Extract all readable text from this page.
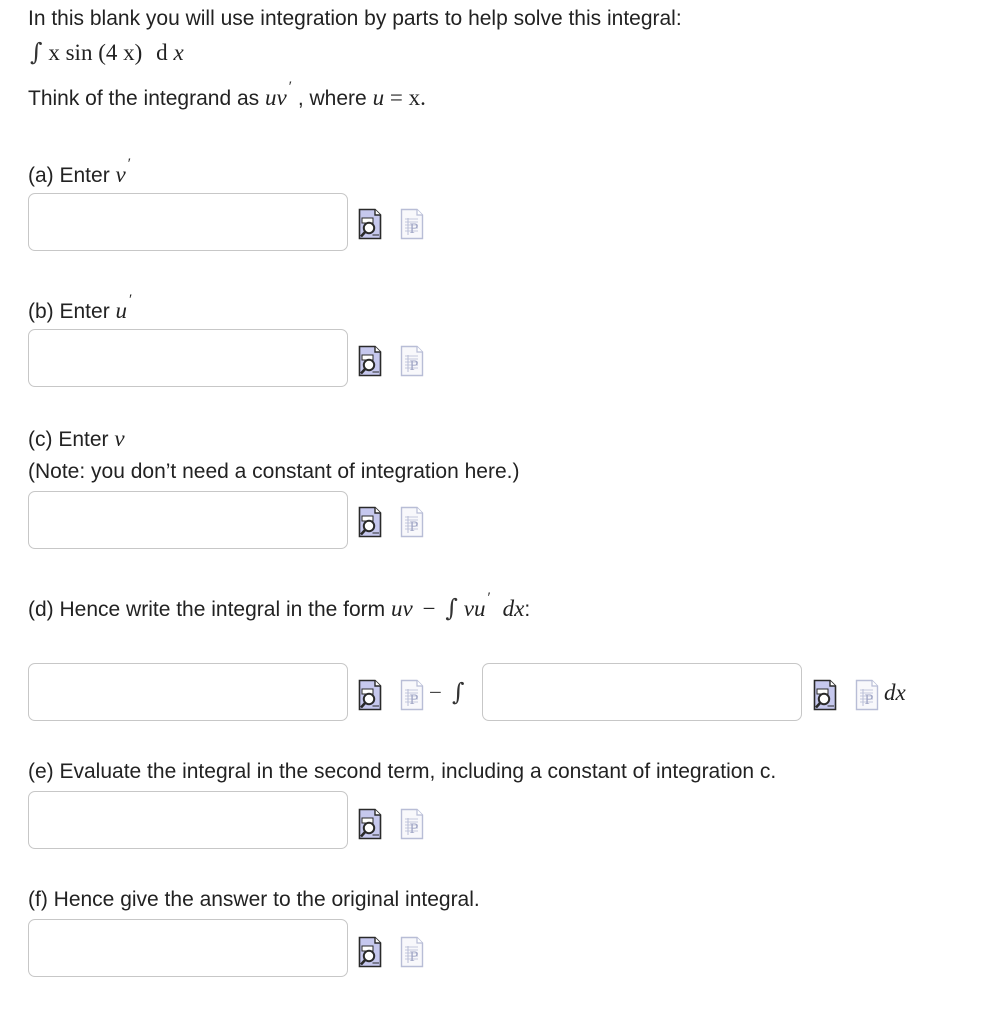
In this blank you will use integration by parts to help solve this integral:
∫ x sin (4 x) d x
Think of the integrand as uv ′ , where u = x.
(a) Enter v ′
(b) Enter u ′
(c) Enter v
(Note: you don’t need a constant of integration here.)
(d) Hence write the integral in the form uv − ∫ vu ′ dx:
− ∫	dx
(e) Evaluate the integral in the second term, including a constant of integration c.
(f) Hence give the answer to the original integral.
